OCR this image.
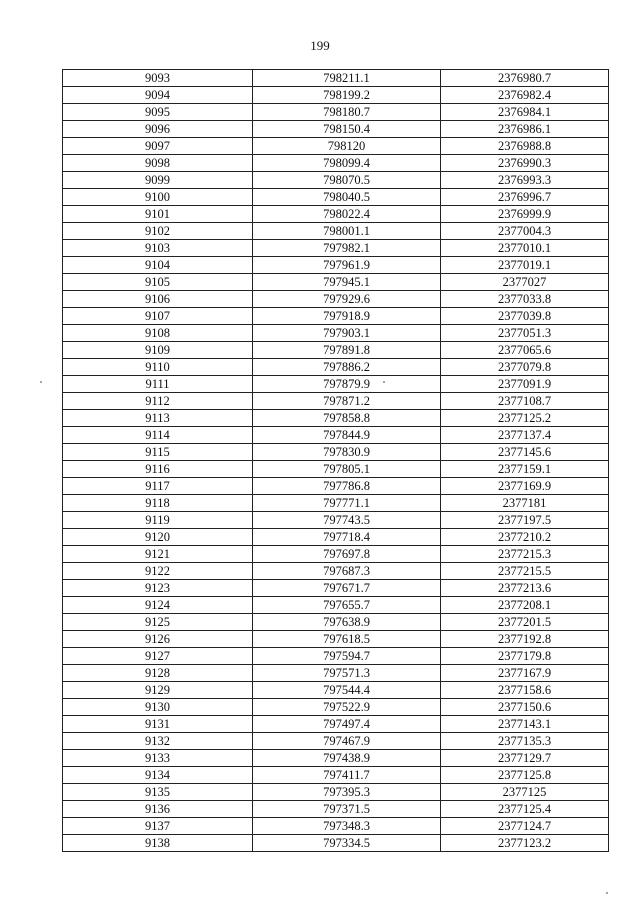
199
9093	798211.1	2376980.7
9094	798199.2	2376982.4
9095	798180.7	2376984.1
9096	798150.4	2376986.1
9097	798120	2376988.8
9098	798099.4	2376990.3
9099	798070.5	2376993.3
9100	798040.5	2376996.7
9101	798022.4	2376999.9
9102	798001.1	2377004.3
9103	797982.1	2377010.1
9104	797961.9	2377019.1
9105	797945.1	2377027
9106	797929.6	2377033.8
9107	797918.9	2377039.8
9108	797903.1	2377051.3
9109	797891.8	2377065.6
9110	797886.2	2377079.8
9111	797879.9	2377091.9
9112	797871.2	2377108.7
9113	797858.8	2377125.2
9114	797844.9	2377137.4
9115	797830.9	2377145.6
9116	797805.1	2377159.1
9117	797786.8	2377169.9
9118	797771.1	2377181
9119	797743.5	2377197.5
9120	797718.4	2377210.2
9121	797697.8	2377215.3
9122	797687.3	2377215.5
9123	797671.7	2377213.6
9124	797655.7	2377208.1
9125	797638.9	2377201.5
9126	797618.5	2377192.8
9127	797594.7	2377179.8
9128	797571.3	2377167.9
9129	797544.4	2377158.6
9130	797522.9	2377150.6
9131	797497.4	2377143.1
9132	797467.9	2377135.3
9133	797438.9	2377129.7
9134	797411.7	2377125.8
9135	797395.3	2377125
9136	797371.5	2377125.4
9137	797348.3	2377124.7
9138	797334.5	2377123.2
